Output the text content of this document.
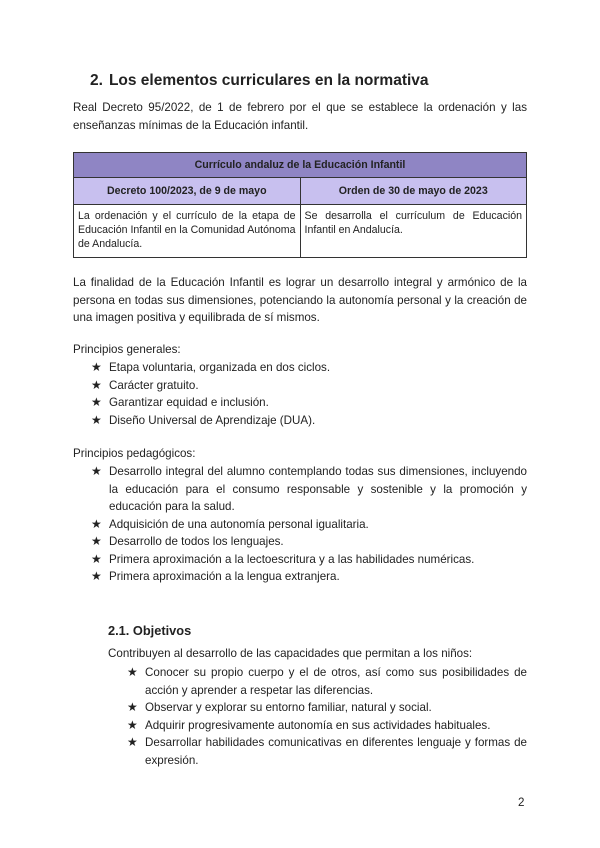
2. Los elementos curriculares en la normativa

Real Decreto 95/2022, de 1 de febrero por el que se establece la ordenación y las enseñanzas mínimas de la Educación infantil.

Currículo andaluz de la Educación Infantil	
Decreto 100/2023, de 9 de mayo	Orden de 30 de mayo de 2023
La ordenación y el currículo de la etapa de Educación Infantil en la Comunidad Autónoma de Andalucía.	Se desarrolla el currículum de Educación Infantil en Andalucía.

La finalidad de la Educación Infantil es lograr un desarrollo integral y armónico de la persona en todas sus dimensiones, potenciando la autonomía personal y la creación de una imagen positiva y equilibrada de sí mismos.

Principios generales:

★ Etapa voluntaria, organizada en dos ciclos.
★ Carácter gratuito.
★ Garantizar equidad e inclusión.
★ Diseño Universal de Aprendizaje (DUA).

Principios pedagógicos:

★ Desarrollo integral del alumno contemplando todas sus dimensiones, incluyendo la educación para el consumo responsable y sostenible y la promoción y educación para la salud.
★ Adquisición de una autonomía personal igualitaria.
★ Desarrollo de todos los lenguajes.
★ Primera aproximación a la lectoescritura y a las habilidades numéricas.
★ Primera aproximación a la lengua extranjera.
2.1. Objetivos

Contribuyen al desarrollo de las capacidades que permitan a los niños:

★ Conocer su propio cuerpo y el de otros, así como sus posibilidades de acción y aprender a respetar las diferencias.
★ Observar y explorar su entorno familiar, natural y social.
★ Adquirir progresivamente autonomía en sus actividades habituales.
★ Desarrollar habilidades comunicativas en diferentes lenguaje y formas de expresión.
2
